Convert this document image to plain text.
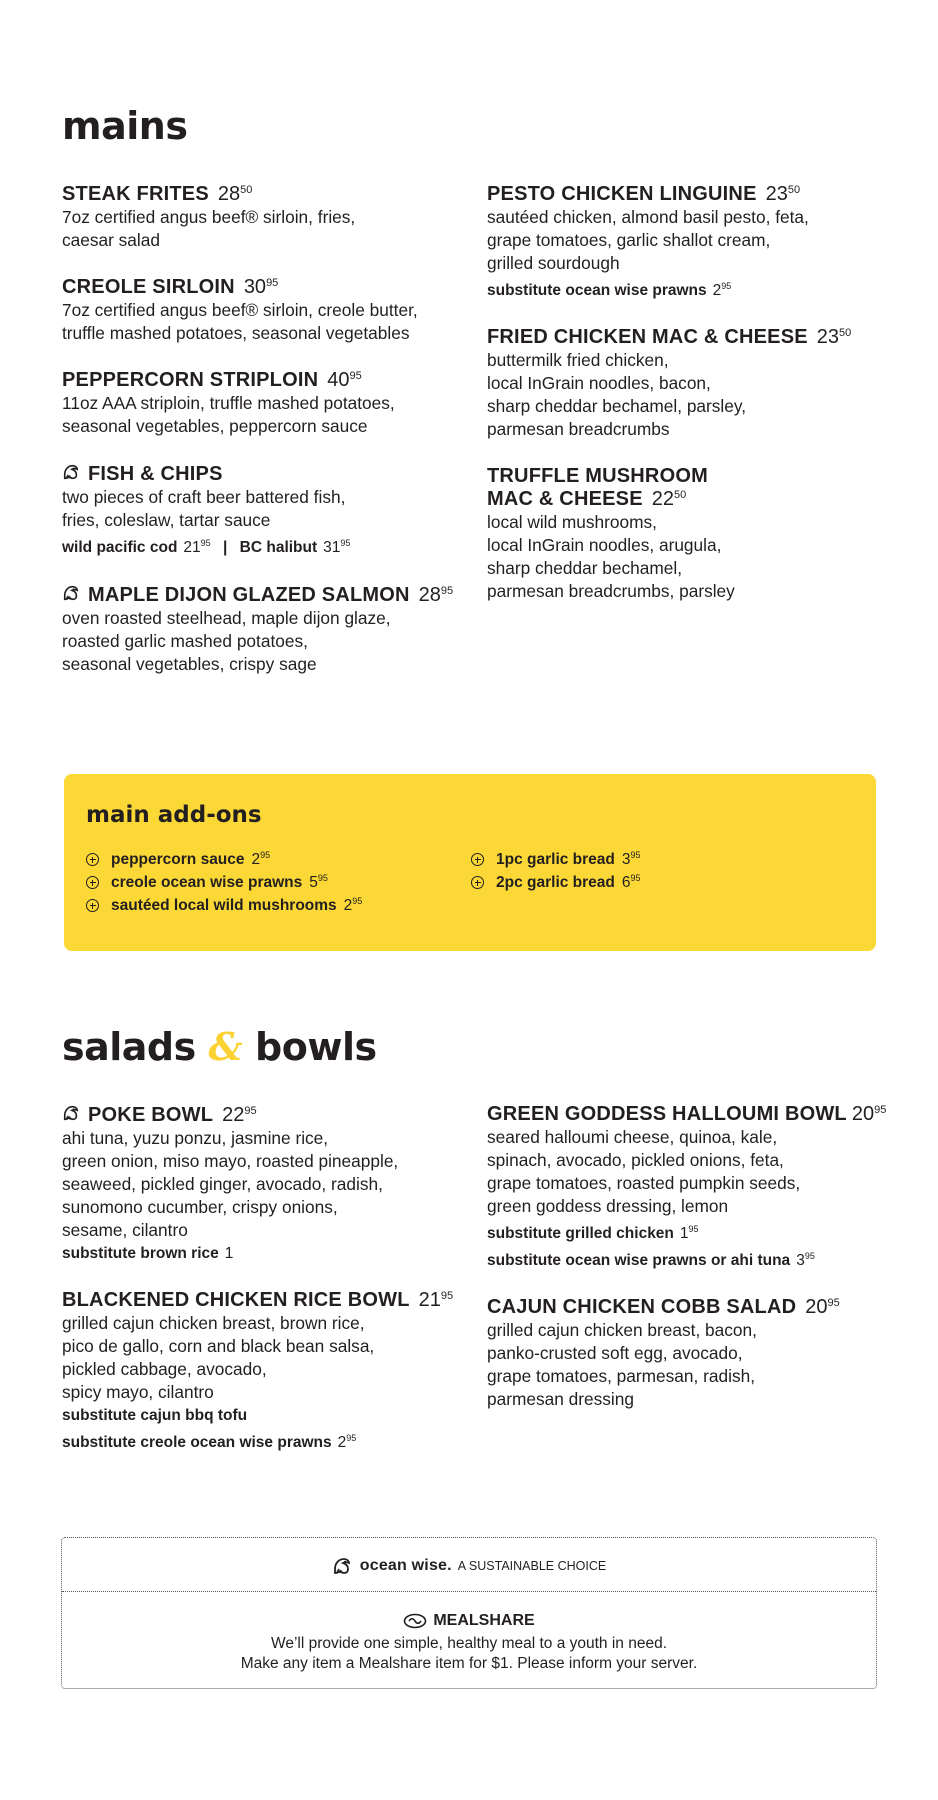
mains
STEAK FRITES $28^{50}$
7oz certified angus beef® sirloin, fries,
caesar salad
CREOLE SIRLOIN $30^{95}$
7oz certified angus beef® sirloin, creole butter,
truffle mashed potatoes, seasonal vegetables
PEPPERCORN STRIPLOIN $40^{95}$
11oz AAA striploin, truffle mashed potatoes,
seasonal vegetables, peppercorn sauce
FISH & CHIPS
two pieces of craft beer battered fish,
fries, coleslaw, tartar sauce
wild pacific cod $21^{95}$ | BC halibut $31^{95}$
MAPLE DIJON GLAZED SALMON $28^{95}$
oven roasted steelhead, maple dijon glaze,
roasted garlic mashed potatoes,
seasonal vegetables, crispy sage
PESTO CHICKEN LINGUINE $23^{50}$
sautéed chicken, almond basil pesto, feta,
grape tomatoes, garlic shallot cream,
grilled sourdough
substitute ocean wise prawns $2^{95}$
FRIED CHICKEN MAC & CHEESE $23^{50}$
buttermilk fried chicken,
local InGrain noodles, bacon,
sharp cheddar bechamel, parsley,
parmesan breadcrumbs
TRUFFLE MUSHROOM
MAC & CHEESE $22^{50}$
local wild mushrooms,
local InGrain noodles, arugula,
sharp cheddar bechamel,
parmesan breadcrumbs, parsley
main add-ons
peppercorn sauce $2^{95}$
creole ocean wise prawns $5^{95}$
sautéed local wild mushrooms $2^{95}$
1pc garlic bread $3^{95}$
2pc garlic bread $6^{95}$
salads & bowls
POKE BOWL $22^{95}$
ahi tuna, yuzu ponzu, jasmine rice,
green onion, miso mayo, roasted pineapple,
seaweed, pickled ginger, avocado, radish,
sunomono cucumber, crispy onions,
sesame, cilantro
substitute brown rice 1
BLACKENED CHICKEN RICE BOWL $21^{95}$
grilled cajun chicken breast, brown rice,
pico de gallo, corn and black bean salsa,
pickled cabbage, avocado,
spicy mayo, cilantro
substitute cajun bbq tofu
substitute creole ocean wise prawns $2^{95}$
GREEN GODDESS HALLOUMI BOWL $20^{95}$
seared halloumi cheese, quinoa, kale,
spinach, avocado, pickled onions, feta,
grape tomatoes, roasted pumpkin seeds,
green goddess dressing, lemon
substitute grilled chicken $1^{95}$
substitute ocean wise prawns or ahi tuna $3^{95}$
CAJUN CHICKEN COBB SALAD $20^{95}$
grilled cajun chicken breast, bacon,
panko-crusted soft egg, avocado,
grape tomatoes, parmesan, radish,
parmesan dressing
ocean wise. A SUSTAINABLE CHOICE
MEALSHARE
We’ll provide one simple, healthy meal to a youth in need.
Make any item a Mealshare item for $1. Please inform your server.
